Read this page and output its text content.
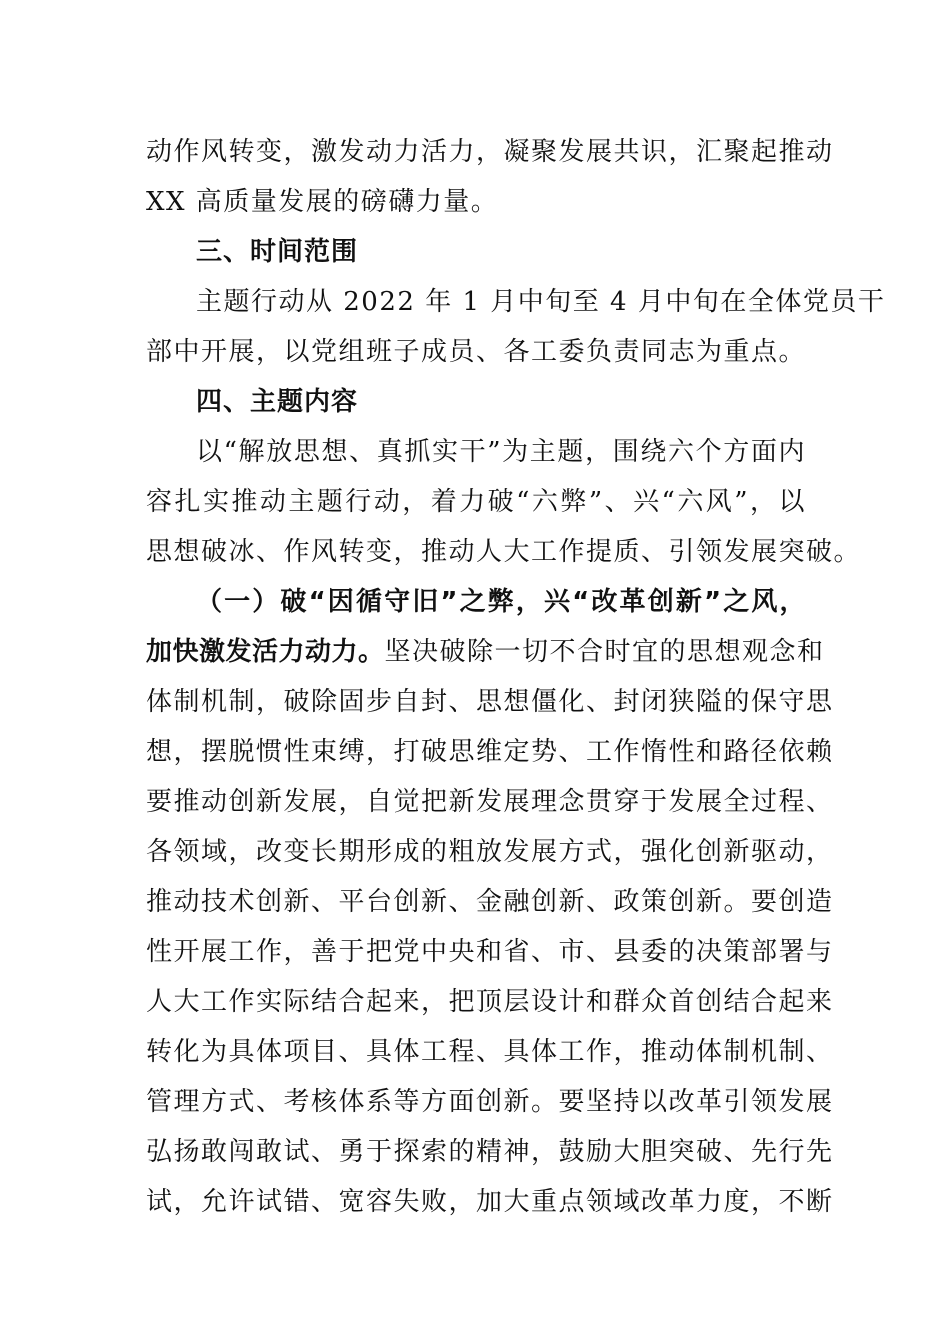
动作风转变，激发动力活力，凝聚发展共识，汇聚起推动
XX 高质量发展的磅礴力量。
三、时间范围
主题行动从 2022 年 1 月中旬至 4 月中旬在全体党员干
部中开展，以党组班子成员、各工委负责同志为重点。
四、主题内容
以“解放思想、真抓实干”为主题，围绕六个方面内
容扎实推动主题行动，着力破“六弊”、兴“六风”，以
思想破冰、作风转变，推动人大工作提质、引领发展突破。
（一）破“因循守旧”之弊，兴“改革创新”之风，
加快激发活力动力。坚决破除一切不合时宜的思想观念和
体制机制，破除固步自封、思想僵化、封闭狭隘的保守思
想，摆脱惯性束缚，打破思维定势、工作惰性和路径依赖
要推动创新发展，自觉把新发展理念贯穿于发展全过程、
各领域，改变长期形成的粗放发展方式，强化创新驱动，
推动技术创新、平台创新、金融创新、政策创新。要创造
性开展工作，善于把党中央和省、市、县委的决策部署与
人大工作实际结合起来，把顶层设计和群众首创结合起来
转化为具体项目、具体工程、具体工作，推动体制机制、
管理方式、考核体系等方面创新。要坚持以改革引领发展
弘扬敢闯敢试、勇于探索的精神，鼓励大胆突破、先行先
试，允许试错、宽容失败，加大重点领域改革力度，不断
